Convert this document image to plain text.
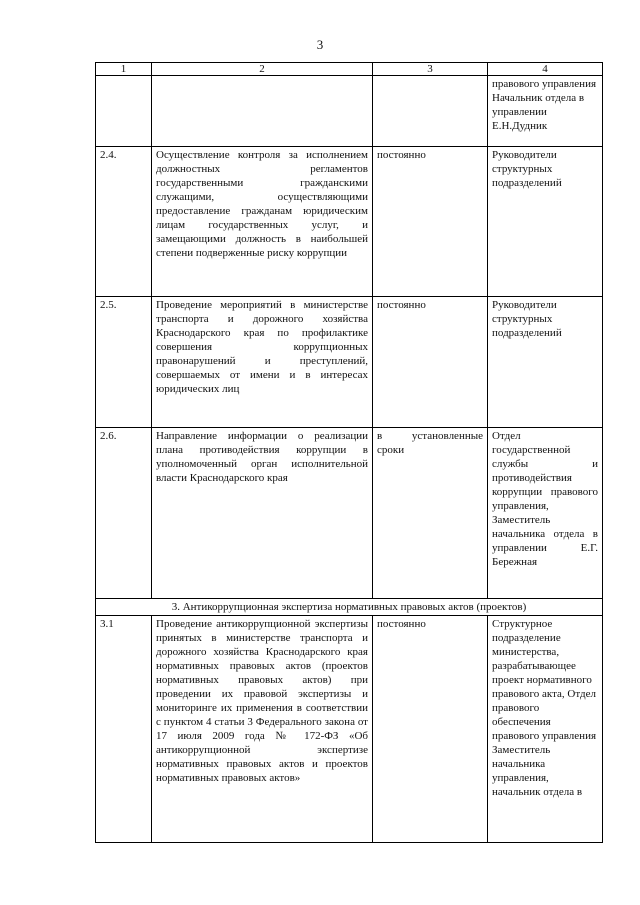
3
1	2	3	4
			правового управления Начальник отдела в управлении Е.Н.Дудник
2.4.	Осуществление контроля за исполнением должностных регламентов государственными гражданскими служащими, осуществляющими предоставление гражданам юридическим лицам государственных услуг, и замещающими должность в наибольшей степени подверженные риску коррупции	постоянно	Руководители структурных подразделений
2.5.	Проведение мероприятий в министерстве транспорта и дорожного хозяйства Краснодарского края по профилактике совершения коррупционных правонарушений и преступлений, совершаемых от имени и в интересах юридических лиц	постоянно	Руководители структурных подразделений
2.6.	Направление информации о реализации плана противодействия коррупции в уполномоченный орган исполнительной власти Краснодарского края	в установленные сроки	Отдел государственной службы и противодействия коррупции правового управления, Заместитель начальника отдела в управлении Е.Г. Бережная
3. Антикоррупционная экспертиза нормативных правовых актов (проектов)			
3.1	Проведение антикоррупционной экспертизы принятых в министерстве транспорта и дорожного хозяйства Краснодарского края нормативных правовых актов (проектов нормативных правовых актов) при проведении их правовой экспертизы и мониторинге их применения в соответствии с пунктом 4 статьи 3 Федерального закона от 17 июля 2009 года № 172-ФЗ «Об антикоррупционной экспертизе нормативных правовых актов и проектов нормативных правовых актов»	постоянно	Структурное подразделение министерства, разрабатывающее проект нормативного правового акта, Отдел правового обеспечения правового управления Заместитель начальника управления, начальник отдела в
